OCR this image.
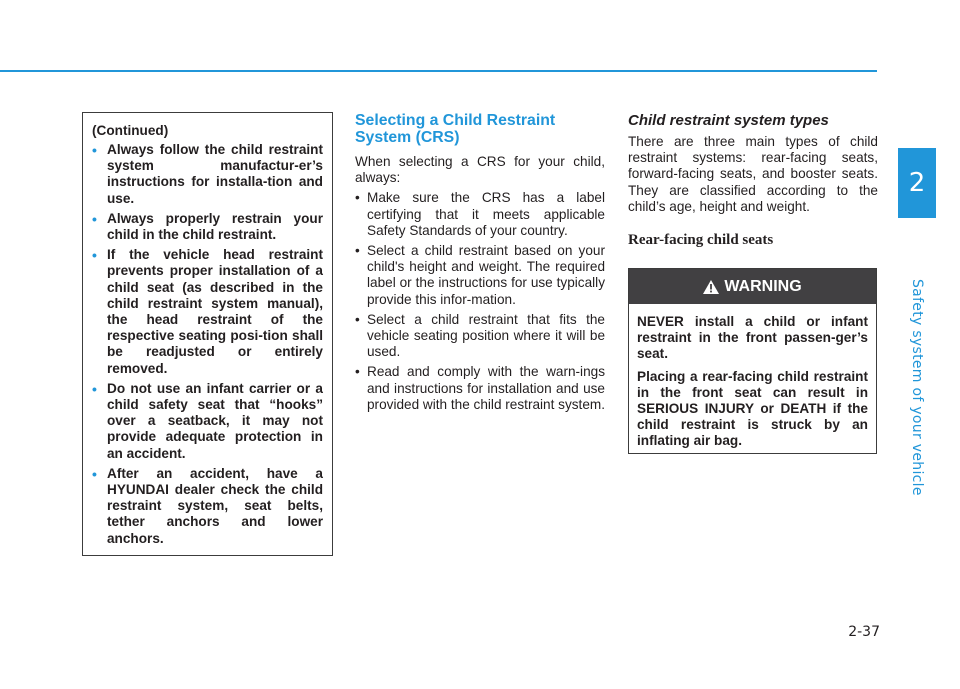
2
Safety system of your vehicle
2-37
(Continued)
• Always follow the child restraint system manufactur-er’s instructions for installa-tion and use.
• Always properly restrain your child in the child restraint.
• If the vehicle head restraint prevents proper installation of a child seat (as described in the child restraint system manual), the head restraint of the respective seating posi-tion shall be readjusted or entirely removed.
• Do not use an infant carrier or a child safety seat that “hooks” over a seatback, it may not provide adequate protection in an accident.
• After an accident, have a HYUNDAI dealer check the child restraint system, seat belts, tether anchors and lower anchors.
Selecting a Child Restraint System (CRS)

When selecting a CRS for your child, always:

• Make sure the CRS has a label certifying that it meets applicable Safety Standards of your country.
• Select a child restraint based on your child's height and weight. The required label or the instructions for use typically provide this infor-mation.
• Select a child restraint that fits the vehicle seating position where it will be used.
• Read and comply with the warn-ings and instructions for installation and use provided with the child restraint system.
Child restraint system types

There are three main types of child restraint systems: rear-facing seats, forward-facing seats, and booster seats. They are classified according to the child’s age, height and weight.

Rear-facing child seats
WARNING

NEVER install a child or infant restraint in the front passen-ger’s seat.

Placing a rear-facing child restraint in the front seat can result in SERIOUS INJURY or DEATH if the child restraint is struck by an inflating air bag.
